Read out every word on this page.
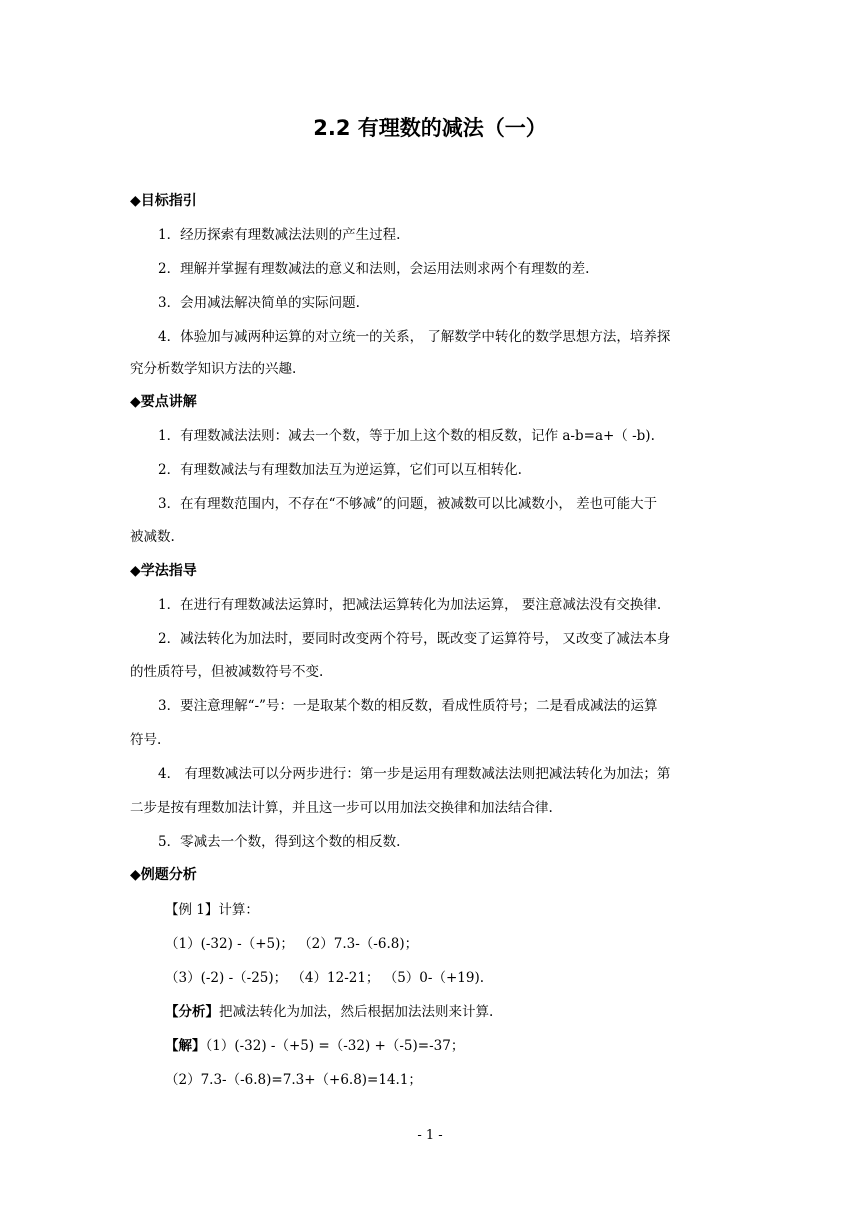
2.2 有理数的减法（一）

◆目标指引

1．经历探索有理数减法法则的产生过程.

2．理解并掌握有理数减法的意义和法则，会运用法则求两个有理数的差.

3．会用减法解决简单的实际问题.

4．体验加与减两种运算的对立统一的关系， 了解数学中转化的数学思想方法，培养探

究分析数学知识方法的兴趣.

◆要点讲解

1．有理数减法法则：减去一个数，等于加上这个数的相反数，记作 a-b=a+（ -b).

2．有理数减法与有理数加法互为逆运算，它们可以互相转化.

3．在有理数范围内，不存在“不够减”的问题，被减数可以比减数小， 差也可能大于

被减数.

◆学法指导

1．在进行有理数减法运算时，把减法运算转化为加法运算， 要注意减法没有交换律.

2．减法转化为加法时，要同时改变两个符号，既改变了运算符号， 又改变了减法本身

的性质符号，但被减数符号不变.

3．要注意理解“-”号：一是取某个数的相反数，看成性质符号；二是看成减法的运算

符号.

4． 有理数减法可以分两步进行：第一步是运用有理数减法法则把减法转化为加法；第

二步是按有理数加法计算，并且这一步可以用加法交换律和加法结合律.

5．零减去一个数，得到这个数的相反数.

◆例题分析

【例 1】计算：

（1）(-32) -（+5)； （2）7.3-（-6.8)；

（3）(-2) -（-25)； （4）12-21； （5）0-（+19).

【分析】把减法转化为加法，然后根据加法法则来计算.

【解】（1）(-32) -（+5) =（-32) +（-5)=-37；

（2）7.3-（-6.8)=7.3+（+6.8)=14.1；

- 1 -
